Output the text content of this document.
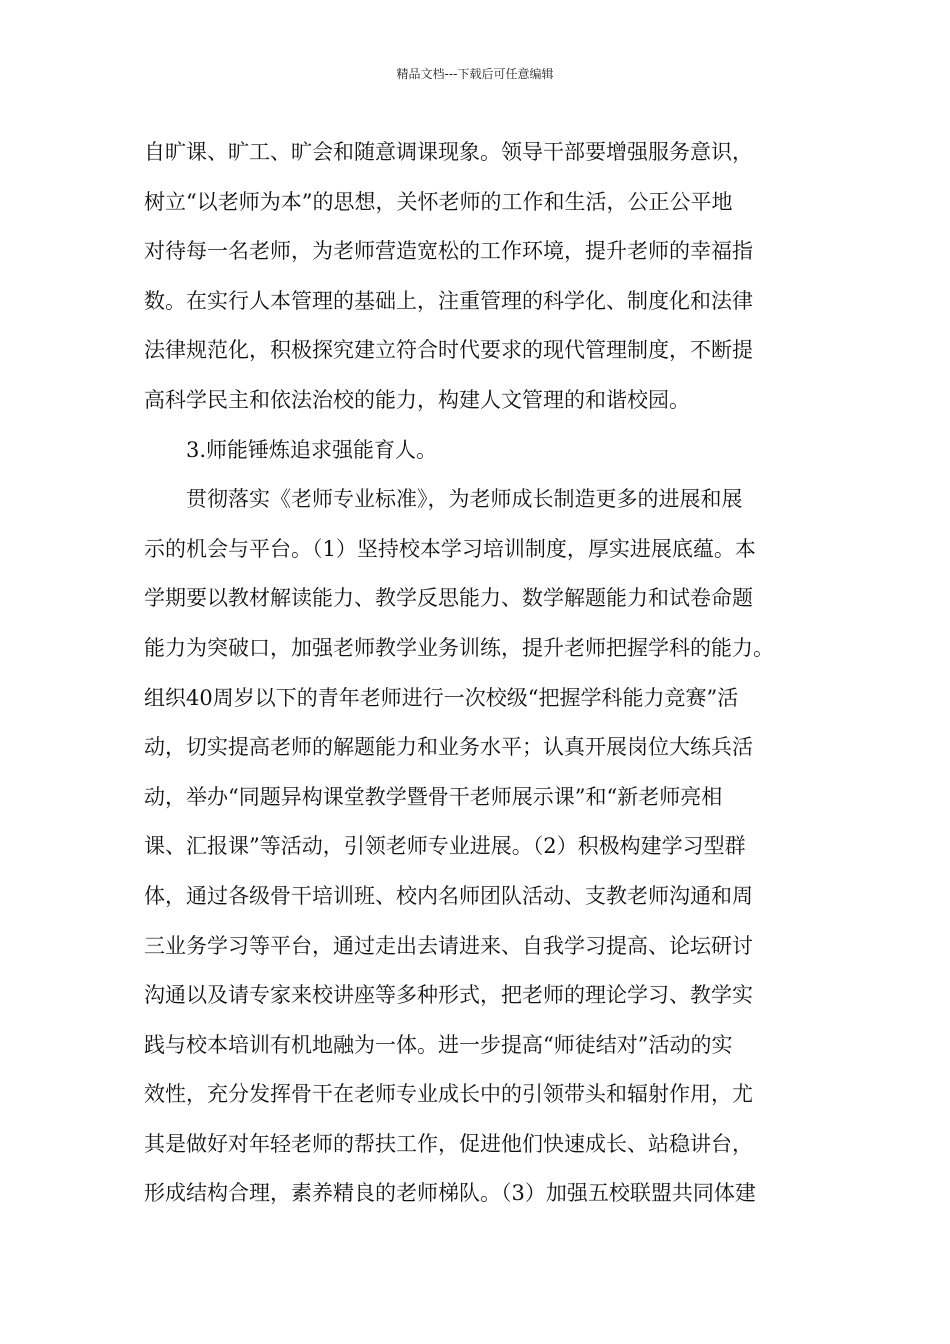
精品文档---下载后可任意编辑
自旷课、旷工、旷会和随意调课现象。领导干部要增强服务意识，
树立“以老师为本”的思想，关怀老师的工作和生活，公正公平地
对待每一名老师，为老师营造宽松的工作环境，提升老师的幸福指
数。在实行人本管理的基础上，注重管理的科学化、制度化和法律
法律规范化，积极探究建立符合时代要求的现代管理制度，不断提
高科学民主和依法治校的能力，构建人文管理的和谐校园。
3.师能锤炼追求强能育人。
贯彻落实《老师专业标准》，为老师成长制造更多的进展和展
示的机会与平台。（1）坚持校本学习培训制度，厚实进展底蕴。本
学期要以教材解读能力、教学反思能力、数学解题能力和试卷命题
能力为突破口，加强老师教学业务训练，提升老师把握学科的能力。
组织40周岁以下的青年老师进行一次校级“把握学科能力竞赛”活
动，切实提高老师的解题能力和业务水平；认真开展岗位大练兵活
动，举办“同题异构课堂教学暨骨干老师展示课”和“新老师亮相
课、汇报课”等活动，引领老师专业进展。（2）积极构建学习型群
体，通过各级骨干培训班、校内名师团队活动、支教老师沟通和周
三业务学习等平台，通过走出去请进来、自我学习提高、论坛研讨
沟通以及请专家来校讲座等多种形式，把老师的理论学习、教学实
践与校本培训有机地融为一体。进一步提高“师徒结对”活动的实
效性，充分发挥骨干在老师专业成长中的引领带头和辐射作用，尤
其是做好对年轻老师的帮扶工作，促进他们快速成长、站稳讲台，
形成结构合理，素养精良的老师梯队。（3）加强五校联盟共同体建
